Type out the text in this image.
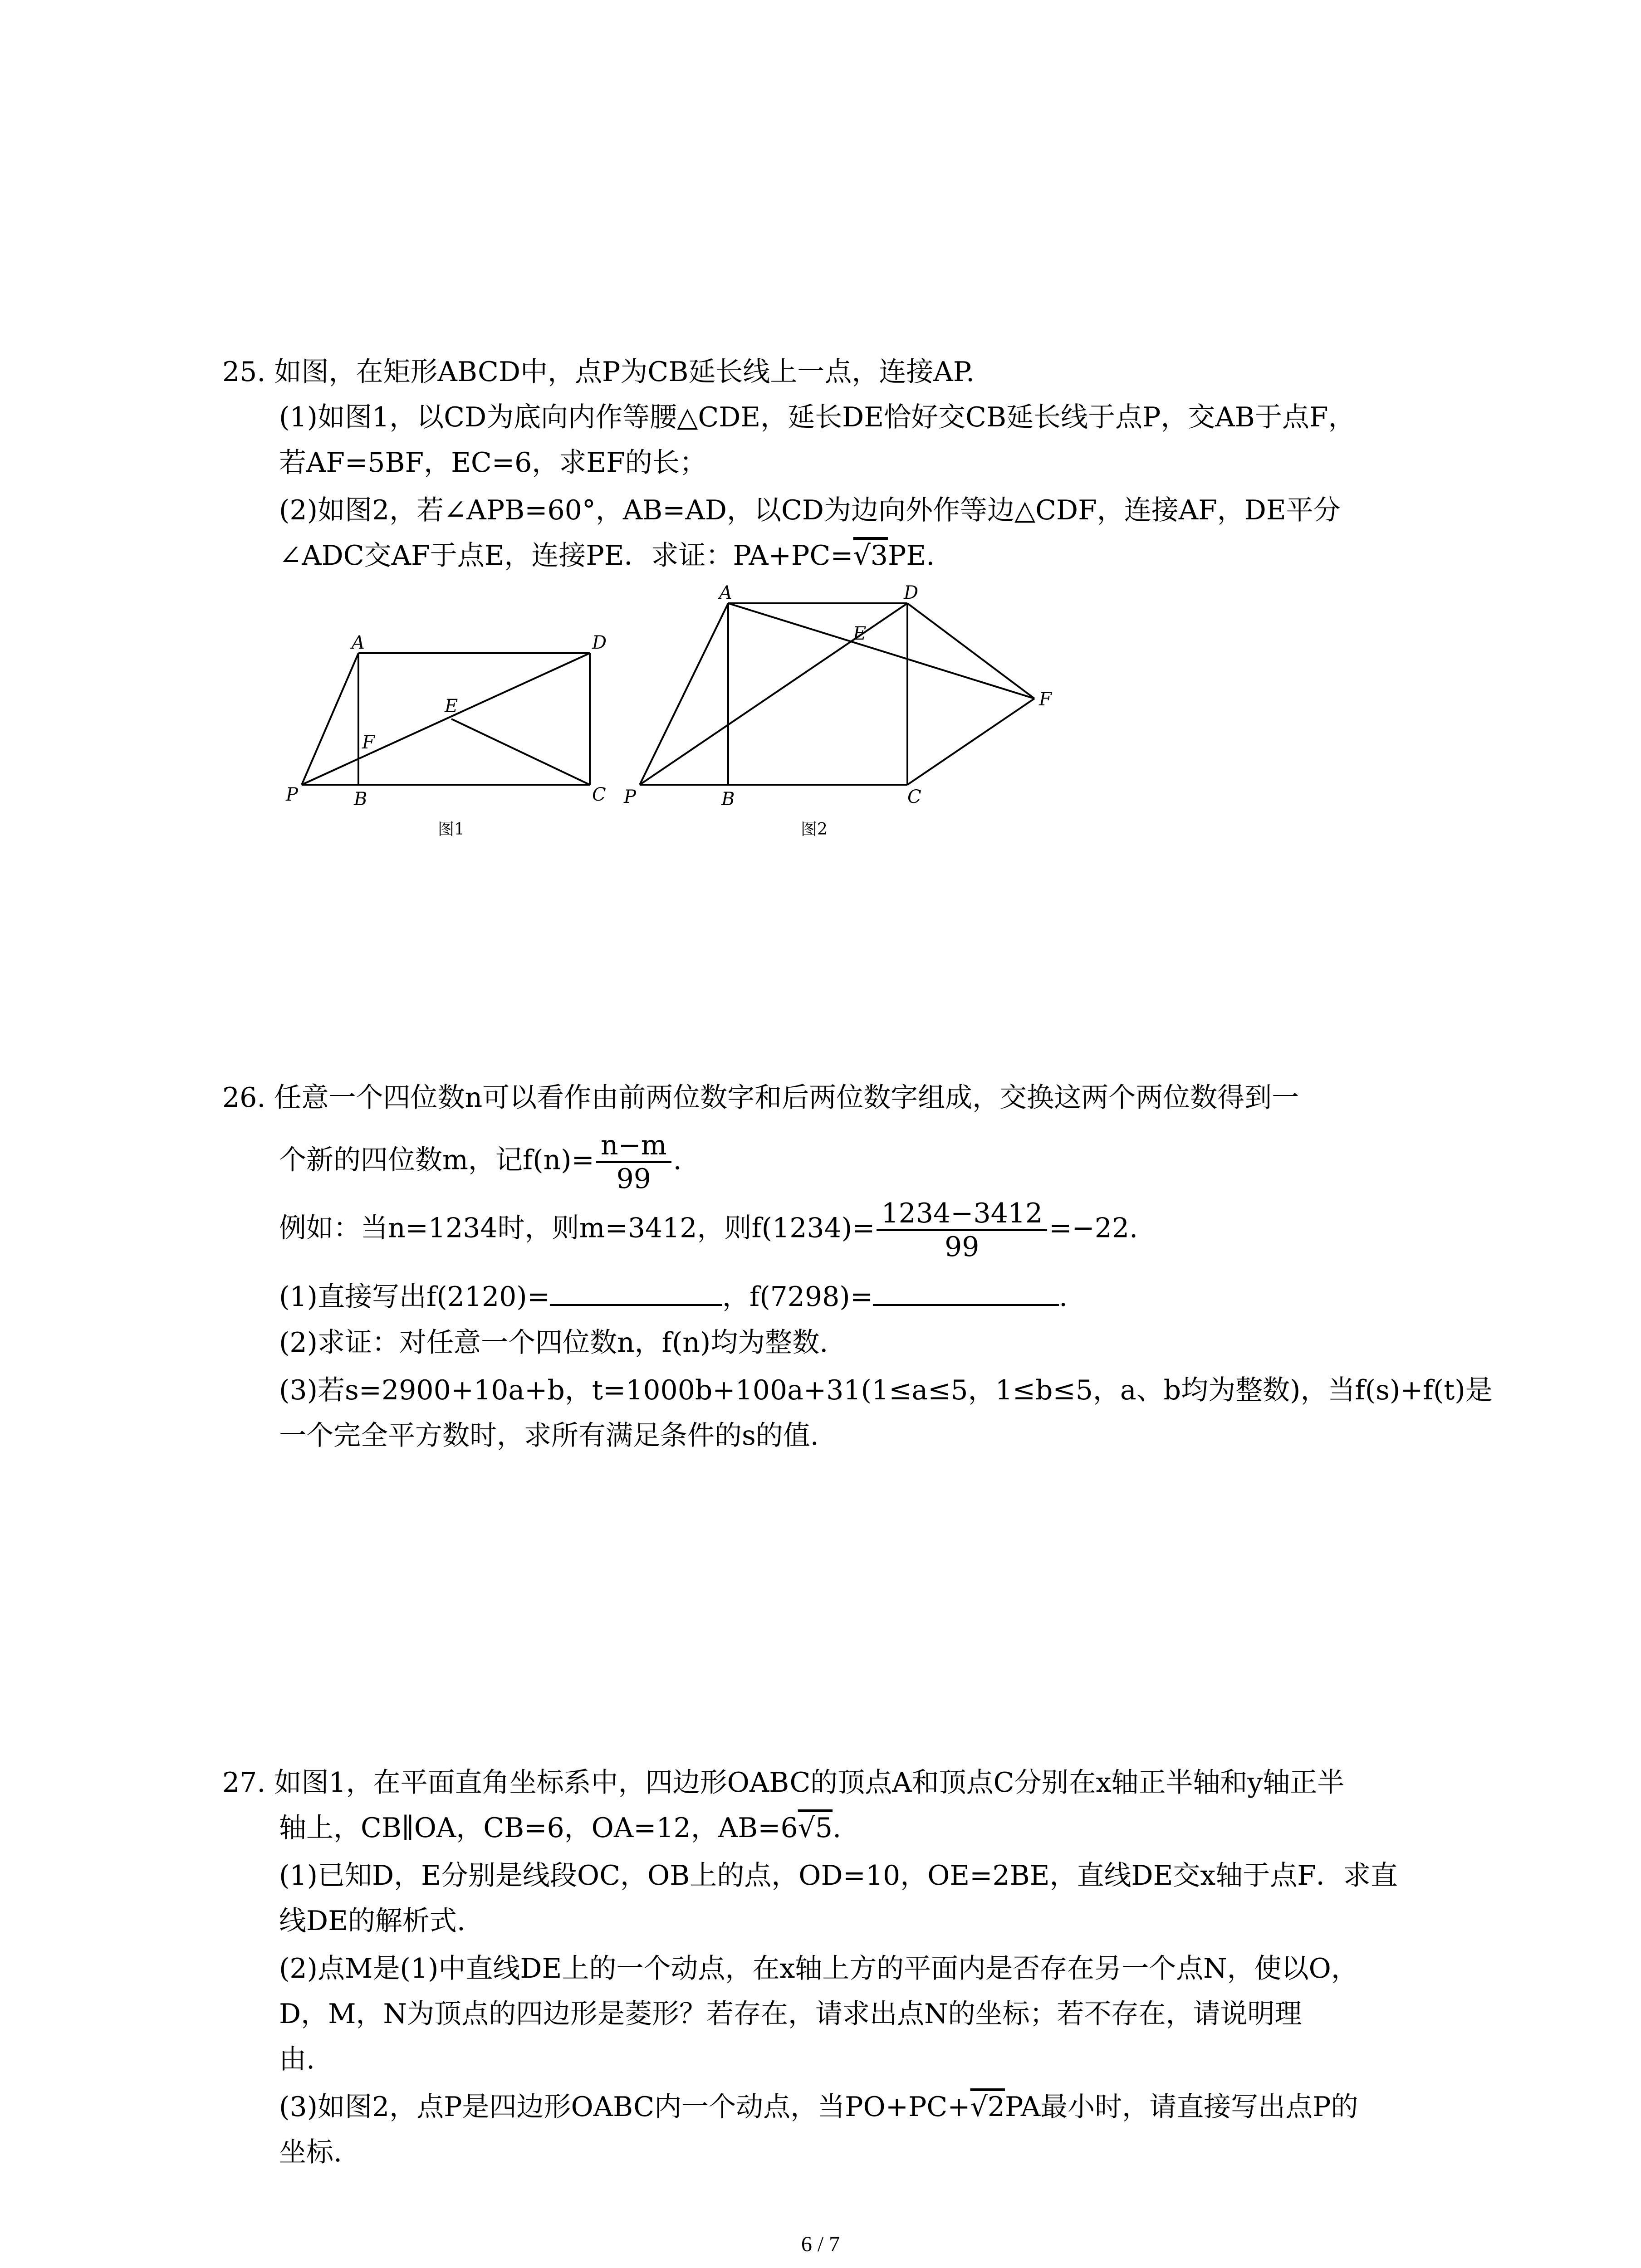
25. 如图，在矩形ABCD中，点P为CB延长线上一点，连接AP.
(1)如图1，以CD为底向内作等腰△CDE，延长DE恰好交CB延长线于点P，交AB于点F，
若AF=5BF，EC=6，求EF的长；
(2)如图2，若∠APB=60°，AB=AD，以CD为边向外作等边△CDF，连接AF，DE平分
∠ADC交AF于点E，连接PE．求证：PA+PC=√3PE.
A	D
E
F
P	B	C
图1
A	D
E
F
P	B	C
图2
26. 任意一个四位数n可以看作由前两位数字和后两位数字组成，交换这两个两位数得到一
个新的四位数m，记$f(n)= \frac{n-m}{99}$ .
例如：当n=1234时，则m=3412，则$f(1234)= \frac{1234-3412}{99} =-22$.
(1)直接写出f(2120)=	，f(7298)=	.
(2)求证：对任意一个四位数n，f(n)均为整数.
(3)若s=2900+10a+b，t=1000b+100a+31(1≤a≤5，1≤b≤5，a、b均为整数)，当f(s)+f(t)是
一个完全平方数时，求所有满足条件的s的值.
27. 如图1，在平面直角坐标系中，四边形OABC的顶点A和顶点C分别在x轴正半轴和y轴正半
轴上，CB∥OA，CB=6，OA=12，AB=6√5.
(1)已知D，E分别是线段OC，OB上的点，OD=10，OE=2BE，直线DE交x轴于点F．求直
线DE的解析式.
(2)点M是(1)中直线DE上的一个动点，在x轴上方的平面内是否存在另一个点N，使以O，
D，M，N为顶点的四边形是菱形？若存在，请求出点N的坐标；若不存在，请说明理
由.
(3)如图2，点P是四边形OABC内一个动点，当PO+PC+√2PA最小时，请直接写出点P的
坐标.
6 / 7
